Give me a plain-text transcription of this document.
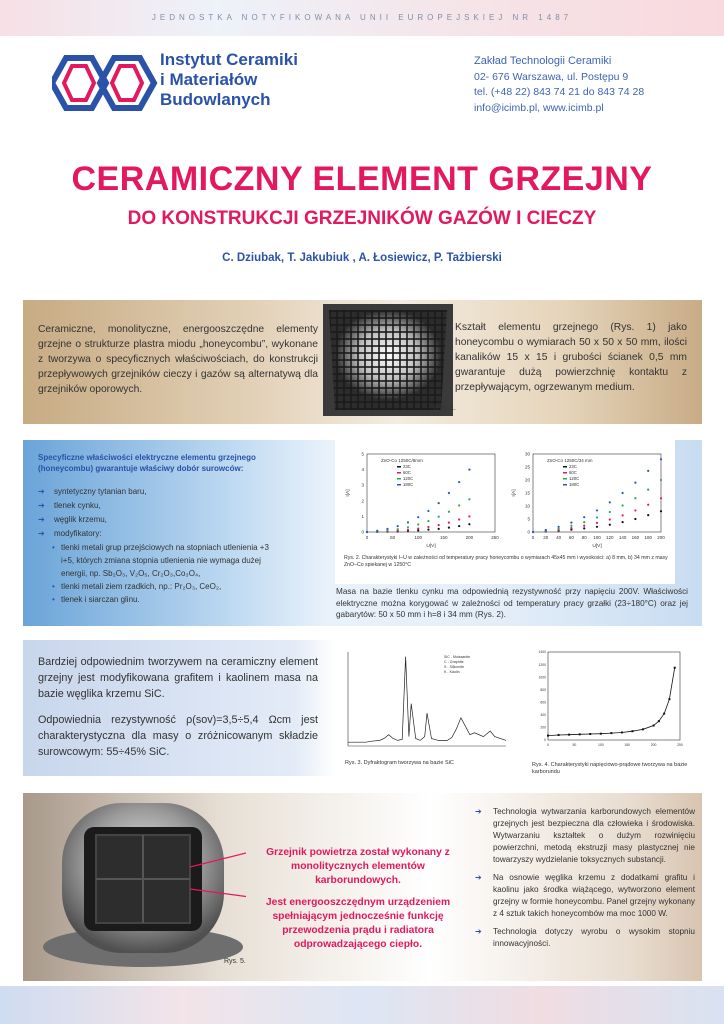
JEDNOSTKA NOTYFIKOWANA UNII EUROPEJSKIEJ NR 1487
Instytut Ceramiki
i Materiałów
Budowlanych
Zakład Technologii Ceramiki
02- 676 Warszawa, ul. Postępu 9
tel. (+48 22) 843 74 21 do 843 74 28
info@icimb.pl, www.icimb.pl
CERAMICZNY ELEMENT GRZEJNY
DO KONSTRUKCJI GRZEJNIKÓW GAZÓW I CIECZY
C. Dziubak, T. Jakubiuk , A. Łosiewicz, P. Tażbierski
Ceramiczne, monolityczne, energooszczędne elementy grzejne o strukturze plastra miodu „honeycombu”, wykonane z tworzywa o specyficznych właściwościach, do konstrukcji przepływowych grzejników cieczy i gazów są alternatywą dla grzejników oporowych.
Rys. 1.
Kształt elementu grzejnego (Rys. 1) jako honeycombu o wymiarach 50 x 50 x 50 mm, ilości kanalików 15 x 15 i grubości ścianek 0,5 mm gwarantuje dużą powierzchnię kontaktu z przepływającym, ogrzewanym medium.
Specyficzne właściwości elektryczne elementu grzejnego (honeycombu) gwarantuje właściwy dobór surowców:
➔ syntetyczny tytanian baru,
➔ tlenek cynku,
➔ węglik krzemu,
➔ modyfikatory:
• tlenki metali grup przejściowych na stopniach utlenienia +3 i+5, których zmiana stopnia utlenienia nie wymaga dużej energii, np. Sb₂O₃, V₂O₅, Cr₂O₃,Co₃O₄,
• tlenki metali ziem rzadkich, np.: Pr₂O₃, CeO₂,
• tlenek i siarczan glinu.
0	50	100	150	200	250
0
1
2
3
4
5
U[V]
I[A]
ZnO-Co 1250C/8mm
23C
60C
120C
180C
0 20 40 60 80 100 120 140 160 180 200
0
5
10
15
20
25
30
U[V]
I[A]
ZnO-Co 1250C/34 mm
23C
60C
120C
180C
Rys. 2. Charakterystyki I–U w zależności od temperatury pracy honeycombu o wymiarach 45x45 mm i wysokości: a) 8 mm, b) 34 mm z masy ZnO–Co spiekanej w 1250°C
Masa na bazie tlenku cynku ma odpowiednią rezystywność przy napięciu 200V. Właściwości elektryczne można korygować w zależności od temperatury pracy grzałki (23÷180°C) oraz jej gabarytów: 50 x 50 mm i h=8 i 34 mm (Rys. 2).

Bardziej odpowiednim tworzywem na ceramiczny element grzejny jest modyfikowana grafitem i kaolinem masa na bazie węglika krzemu SiC.

Odpowiednia rezystywność ρ(sov)=3,5÷5,4 Ωcm jest charakterystyczna dla masy o zróżnicowanym składzie surowcowym: 55÷45% SiC.

SiC - Moissanite
C - Graphite
S - Siliconite
K - Kaolin
Rys. 3. Dyfraktogram tworzywa na bazie SiC
0
200
400
600
800
1000
1200
1400
0	50	100	150	200	250
Rys. 4. Charakterystyki napięciowo-prądowe tworzywa na bazie karborundu
Rys. 5.

Grzejnik powietrza został wykonany z monolitycznych elementów karborundowych.

Jest energooszczędnym urządzeniem spełniającym jednocześnie funkcję przewodzenia prądu i radiatora odprowadzającego ciepło.

➔ Technologia wytwarzania karborundowych elementów grzejnych jest bezpieczna dla człowieka i środowiska. Wytwarzaniu kształtek o dużym rozwinięciu powierzchni, metodą ekstruzji masy plastycznej nie towarzyszy wydzielanie toksycznych substancji.
➔ Na osnowie węglika krzemu z dodatkami grafitu i kaolinu jako środka wiążącego, wytworzono element grzejny w formie honeycombu. Panel grzejny wykonany z 4 sztuk takich honeycombów ma moc 1000 W.
➔ Technologia dotyczy wyrobu o wysokim stopniu innowacyjności.
